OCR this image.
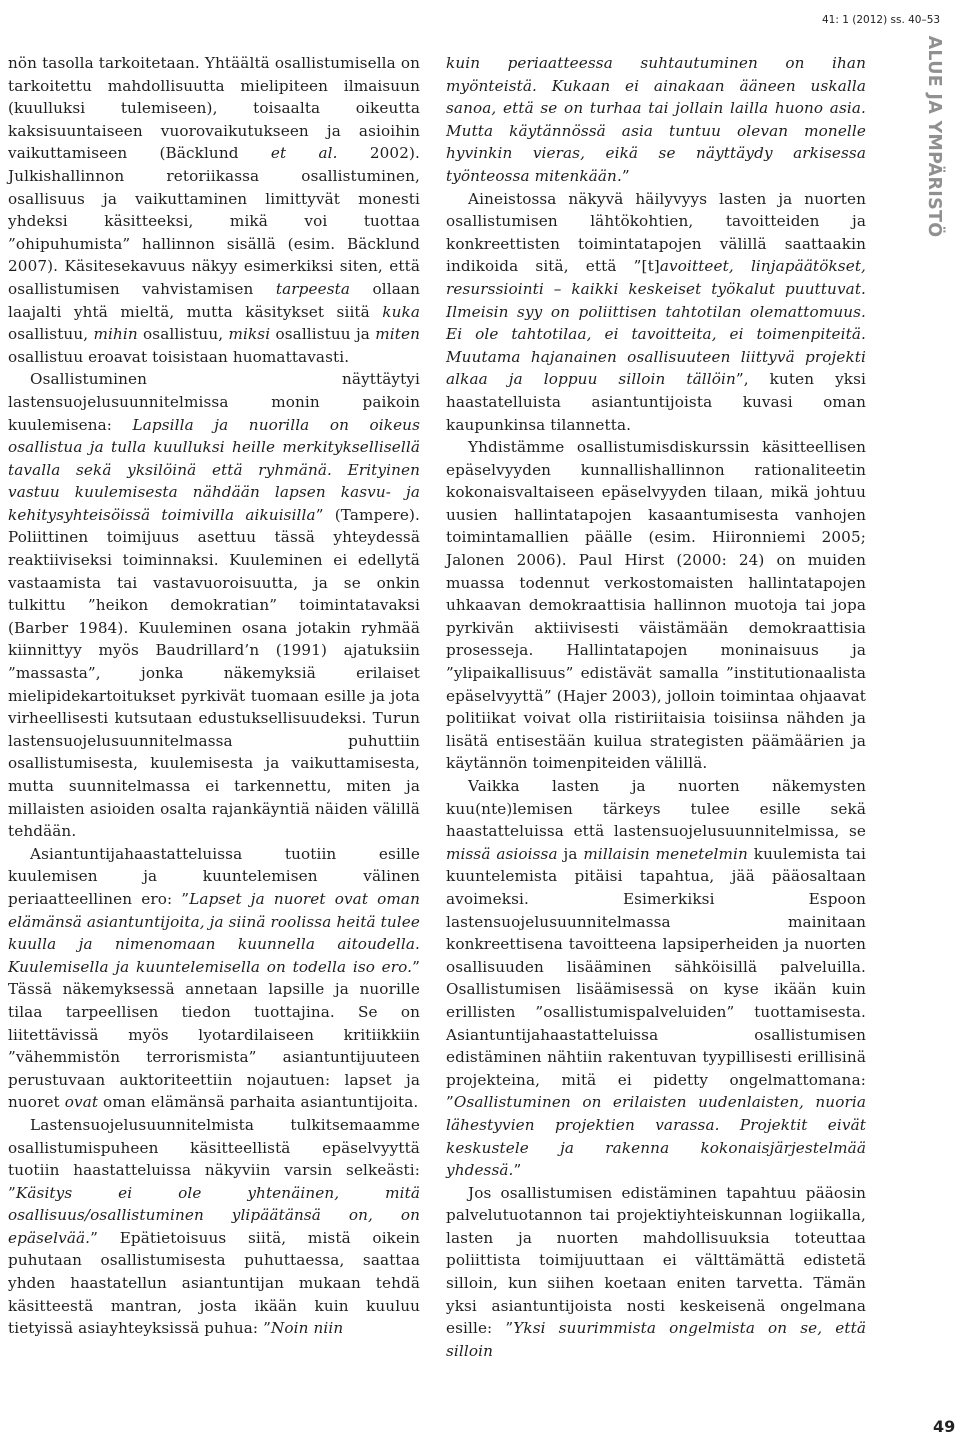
41: 1 (2012) ss. 40–53
ALUE JA YMPÄRISTÖ

nön tasolla tarkoitetaan. Yhtäältä osallistumisella on tarkoitettu mahdollisuutta mielipiteen ilmaisuun (kuulluksi tulemiseen), toisaalta oikeutta kaksisuuntaiseen vuorovaikutukseen ja asioihin vaikuttamiseen (Bäcklund et al. 2002). Julkishallinnon retoriikassa osallistuminen, osallisuus ja vaikuttaminen limittyvät monesti yhdeksi käsitteeksi, mikä voi tuottaa ”ohipuhumista” hallinnon sisällä (esim. Bäcklund 2007). Käsitesekavuus näkyy esimerkiksi siten, että osallistumisen vahvistamisen tarpeesta ollaan laajalti yhtä mieltä, mutta käsitykset siitä kuka osallistuu, mihin osallistuu, miksi osallistuu ja miten osallistuu eroavat toisistaan huomattavasti.

Osallistuminen näyttäytyi lastensuojelusuunnitelmissa monin paikoin kuulemisena: Lapsilla ja nuorilla on oikeus osallistua ja tulla kuulluksi heille merkityksellisellä tavalla sekä yksilöinä että ryhmänä. Erityinen vastuu kuulemisesta nähdään lapsen kasvu- ja kehitysyhteisöissä toimivilla aikuisilla” (Tampere). Poliittinen toimijuus asettuu tässä yhteydessä reaktiiviseksi toiminnaksi. Kuuleminen ei edellytä vastaamista tai vastavuoroisuutta, ja se onkin tulkittu ”heikon demokratian” toimintatavaksi (Barber 1984). Kuuleminen osana jotakin ryhmää kiinnittyy myös Baudrillard’n (1991) ajatuksiin ”massasta”, jonka näkemyksiä erilaiset mielipidekartoitukset pyrkivät tuomaan esille ja jota virheellisesti kutsutaan edustuksellisuudeksi. Turun lastensuojelusuunnitelmassa puhuttiin osallistumisesta, kuulemisesta ja vaikuttamisesta, mutta suunnitelmassa ei tarkennettu, miten ja millaisten asioiden osalta rajankäyntiä näiden välillä tehdään.

Asiantuntijahaastatteluissa tuotiin esille kuulemisen ja kuuntelemisen välinen periaatteellinen ero: ”Lapset ja nuoret ovat oman elämänsä asiantuntijoita, ja siinä roolissa heitä tulee kuulla ja nimenomaan kuunnella aitoudella. Kuulemisella ja kuuntelemisella on todella iso ero.” Tässä näkemyksessä annetaan lapsille ja nuorille tilaa tarpeellisen tiedon tuottajina. Se on liitettävissä myös lyotardilaiseen kritiikkiin ”vähemmistön terrorismista” asiantuntijuuteen perustuvaan auktoriteettiin nojautuen: lapset ja nuoret ovat oman elämänsä parhaita asiantuntijoita.

Lastensuojelusuunnitelmista tulkitsemaamme osallistumispuheen käsitteellistä epäselvyyttä tuotiin haastatteluissa näkyviin varsin selkeästi: ”Käsitys ei ole yhtenäinen, mitä osallisuus/osallistuminen ylipäätänsä on, on epäselvää.” Epätietoisuus siitä, mistä oikein puhutaan osallistumisesta puhuttaessa, saattaa yhden haastatellun asiantuntijan mukaan tehdä käsitteestä mantran, josta ikään kuin kuuluu tietyissä asiayhteyksissä puhua: ”Noin niin

kuin periaatteessa suhtautuminen on ihan myönteistä. Kukaan ei ainakaan ääneen uskalla sanoa, että se on turhaa tai jollain lailla huono asia. Mutta käytännössä asia tuntuu olevan monelle hyvinkin vieras, eikä se näyttäydy arkisessa työnteossa mitenkään.”

Aineistossa näkyvä häilyvyys lasten ja nuorten osallistumisen lähtökohtien, tavoitteiden ja konkreettisten toimintatapojen välillä saattaakin indikoida sitä, että ”[t]avoitteet, linjapäätökset, resurssiointi – kaikki keskeiset työkalut puuttuvat. Ilmeisin syy on poliittisen tahtotilan olemattomuus. Ei ole tahtotilaa, ei tavoitteita, ei toimenpiteitä. Muutama hajanainen osallisuuteen liittyvä projekti alkaa ja loppuu silloin tällöin”, kuten yksi haastatelluista asiantuntijoista kuvasi oman kaupunkinsa tilannetta.

Yhdistämme osallistumisdiskurssin käsitteellisen epäselvyyden kunnallishallinnon rationaliteetin kokonaisvaltaiseen epäselvyyden tilaan, mikä johtuu uusien hallintatapojen kasaantumisesta vanhojen toimintamallien päälle (esim. Hiironniemi 2005; Jalonen 2006). Paul Hirst (2000: 24) on muiden muassa todennut verkostomaisten hallintatapojen uhkaavan demokraattisia hallinnon muotoja tai jopa pyrkivän aktiivisesti väistämään demokraattisia prosesseja. Hallintatapojen moninaisuus ja ”ylipaikallisuus” edistävät samalla ”institutionaalista epäselvyyttä” (Hajer 2003), jolloin toimintaa ohjaavat politiikat voivat olla ristiriitaisia toisiinsa nähden ja lisätä entisestään kuilua strategisten päämäärien ja käytännön toimenpiteiden välillä.

Vaikka lasten ja nuorten näkemysten kuu(nte)lemisen tärkeys tulee esille sekä haastatteluissa että lastensuojelusuunnitelmissa, se missä asioissa ja millaisin menetelmin kuulemista tai kuuntelemista pitäisi tapahtua, jää pääosaltaan avoimeksi. Esimerkiksi Espoon lastensuojelusuunnitelmassa mainitaan konkreettisena tavoitteena lapsiperheiden ja nuorten osallisuuden lisääminen sähköisillä palveluilla. Osallistumisen lisäämisessä on kyse ikään kuin erillisten ”osallistumispalveluiden” tuottamisesta. Asiantuntijahaastatteluissa osallistumisen edistäminen nähtiin rakentuvan tyypillisesti erillisinä projekteina, mitä ei pidetty ongelmattomana: ”Osallistuminen on erilaisten uudenlaisten, nuoria lähestyvien projektien varassa. Projektit eivät keskustele ja rakenna kokonaisjärjestelmää yhdessä.”

Jos osallistumisen edistäminen tapahtuu pääosin palvelutuotannon tai projektiyhteiskunnan logiikalla, lasten ja nuorten mahdollisuuksia toteuttaa poliittista toimijuuttaan ei välttämättä edistetä silloin, kun siihen koetaan eniten tarvetta. Tämän yksi asiantuntijoista nosti keskeisenä ongelmana esille: ”Yksi suurimmista ongelmista on se, että silloin

49
